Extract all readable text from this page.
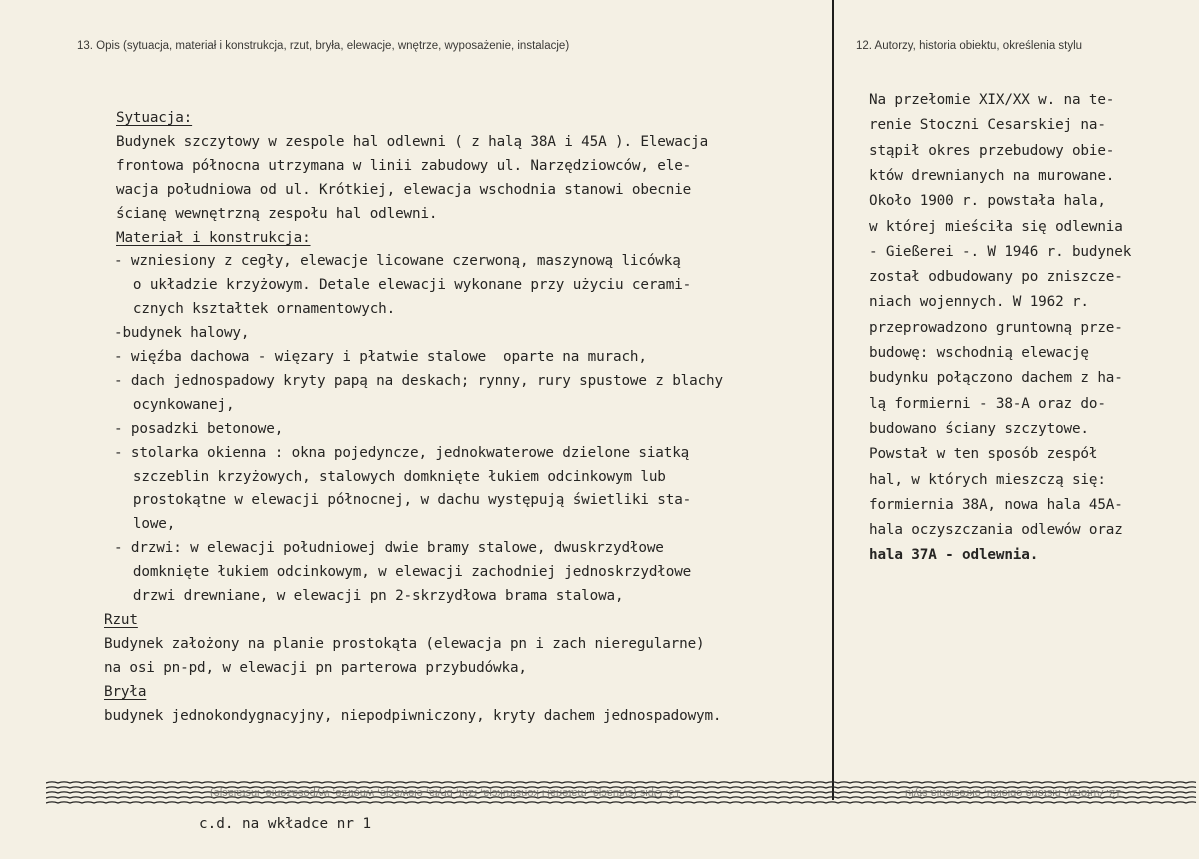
13. Opis (sytuacja, materiał i konstrukcja, rzut, bryła, elewacje, wnętrze, wyposażenie, instalacje)	12. Autorzy, historia obiektu, określenia stylu
Sytuacja:
Budynek szczytowy w zespole hal odlewni ( z halą 38A i 45A ). Elewacja
frontowa północna utrzymana w linii zabudowy ul. Narzędziowców, ele-
wacja południowa od ul. Krótkiej, elewacja wschodnia stanowi obecnie
ścianę wewnętrzną zespołu hal odlewni.
Materiał i konstrukcja:
- wzniesiony z cegły, elewacje licowane czerwoną, maszynową licówką
o układzie krzyżowym. Detale elewacji wykonane przy użyciu cerami-
cznych kształtek ornamentowych.
-budynek halowy,
- więźba dachowa - więzary i płatwie stalowe  oparte na murach,
- dach jednospadowy kryty papą na deskach; rynny, rury spustowe z blachy
ocynkowanej,
- posadzki betonowe,
- stolarka okienna : okna pojedyncze, jednokwaterowe dzielone siatką
szczeblin krzyżowych, stalowych domknięte łukiem odcinkowym lub
prostokątne w elewacji północnej, w dachu występują świetliki sta-
lowe,
- drzwi: w elewacji południowej dwie bramy stalowe, dwuskrzydłowe
domknięte łukiem odcinkowym, w elewacji zachodniej jednoskrzydłowe
drzwi drewniane, w elewacji pn 2-skrzydłowa brama stalowa,
Rzut
Budynek założony na planie prostokąta (elewacja pn i zach nieregularne)
na osi pn-pd, w elewacji pn parterowa przybudówka,
Bryła
budynek jednokondygnacyjny, niepodpiwniczony, kryty dachem jednospadowym.
Na przełomie XIX/XX w. na te-
renie Stoczni Cesarskiej na-
stąpił okres przebudowy obie-
któw drewnianych na murowane.
Około 1900 r. powstała hala,
w której mieściła się odlewnia
- Gießerei -. W 1946 r. budynek
został odbudowany po zniszcze-
niach wojennych. W 1962 r.
przeprowadzono gruntowną prze-
budowę: wschodnią elewację
budynku połączono dachem z ha-
lą formierni - 38-A oraz do-
budowano ściany szczytowe.
Powstał w ten sposób zespół
hal, w których mieszczą się:
formiernia 38A, nowa hala 45A-
hala oczyszczania odlewów oraz
hala 37A - odlewnia.
13. Opis (sytuacja, materiał i konstrukcja, rzut, bryła, elewacje, wnętrze, wyposażenie, instalacje)	12. Autorzy, historia obiektu, określenia stylu
c.d. na wkładce nr 1
